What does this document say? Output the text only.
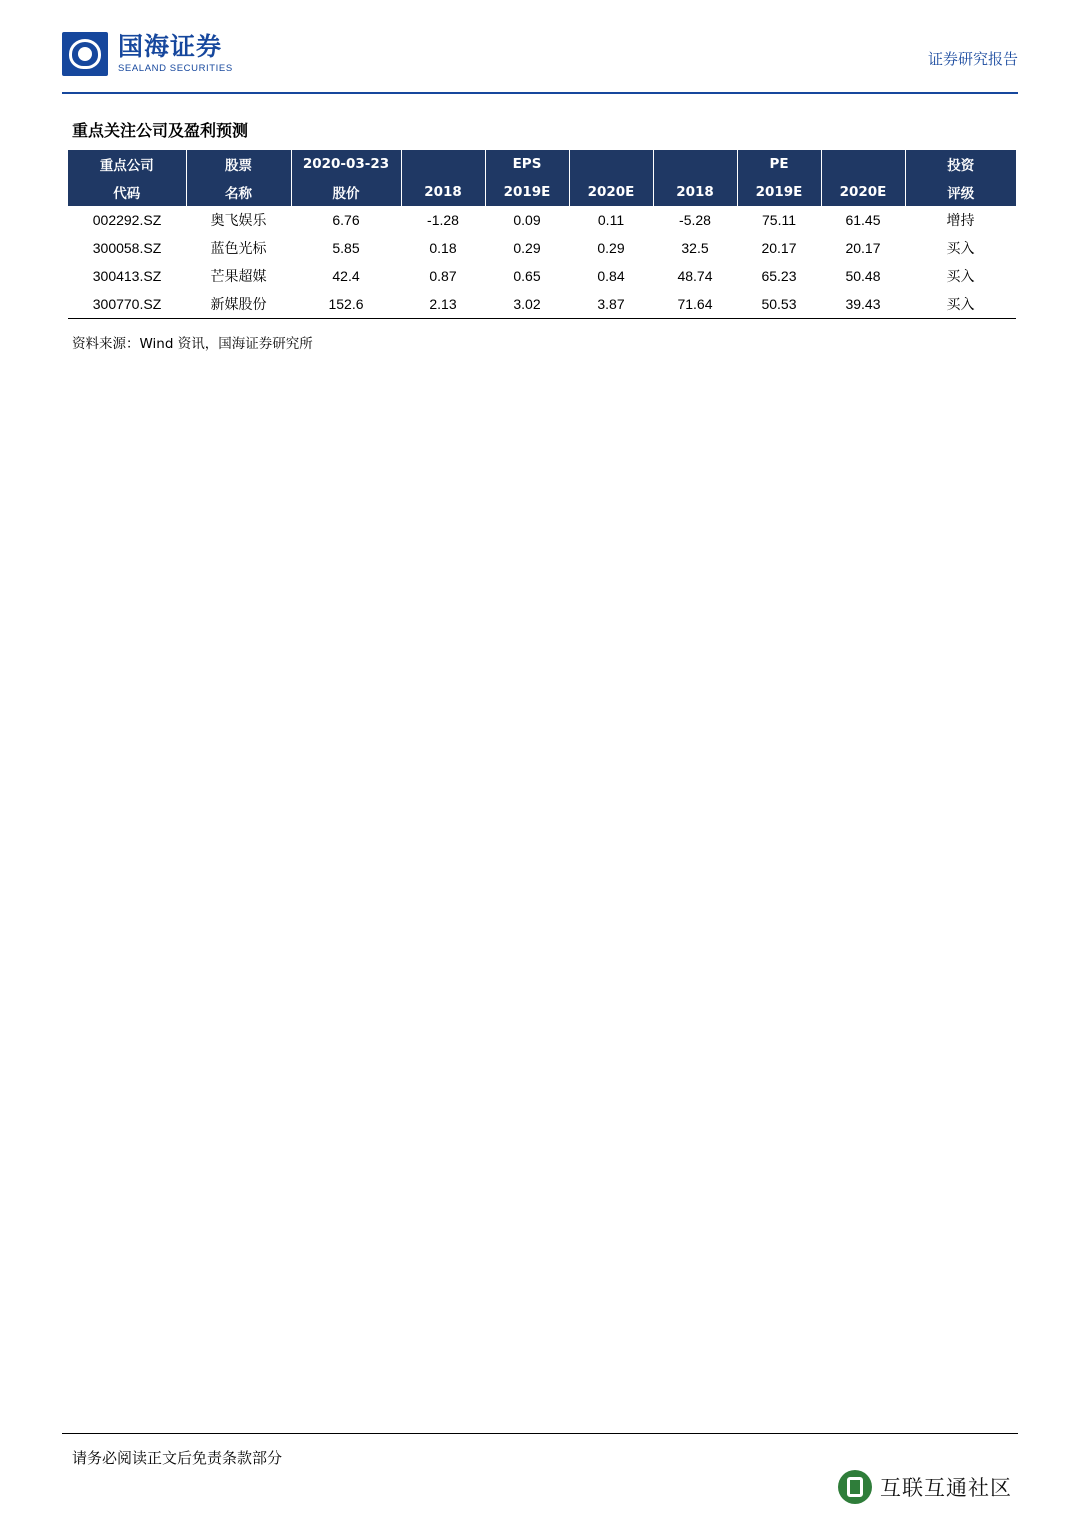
国海证券
SEALAND SECURITIES
证券研究报告
重点关注公司及盈利预测
重点公司	股票	2020-03-23		EPS			PE		投资
代码	名称	股价	2018	2019E	2020E	2018	2019E	2020E	评级
002292.SZ	奥飞娱乐	6.76	-1.28	0.09	0.11	-5.28	75.11	61.45	增持
300058.SZ	蓝色光标	5.85	0.18	0.29	0.29	32.5	20.17	20.17	买入
300413.SZ	芒果超媒	42.4	0.87	0.65	0.84	48.74	65.23	50.48	买入
300770.SZ	新媒股份	152.6	2.13	3.02	3.87	71.64	50.53	39.43	买入
资料来源：Wind 资讯，国海证券研究所
请务必阅读正文后免责条款部分
互联互通社区
